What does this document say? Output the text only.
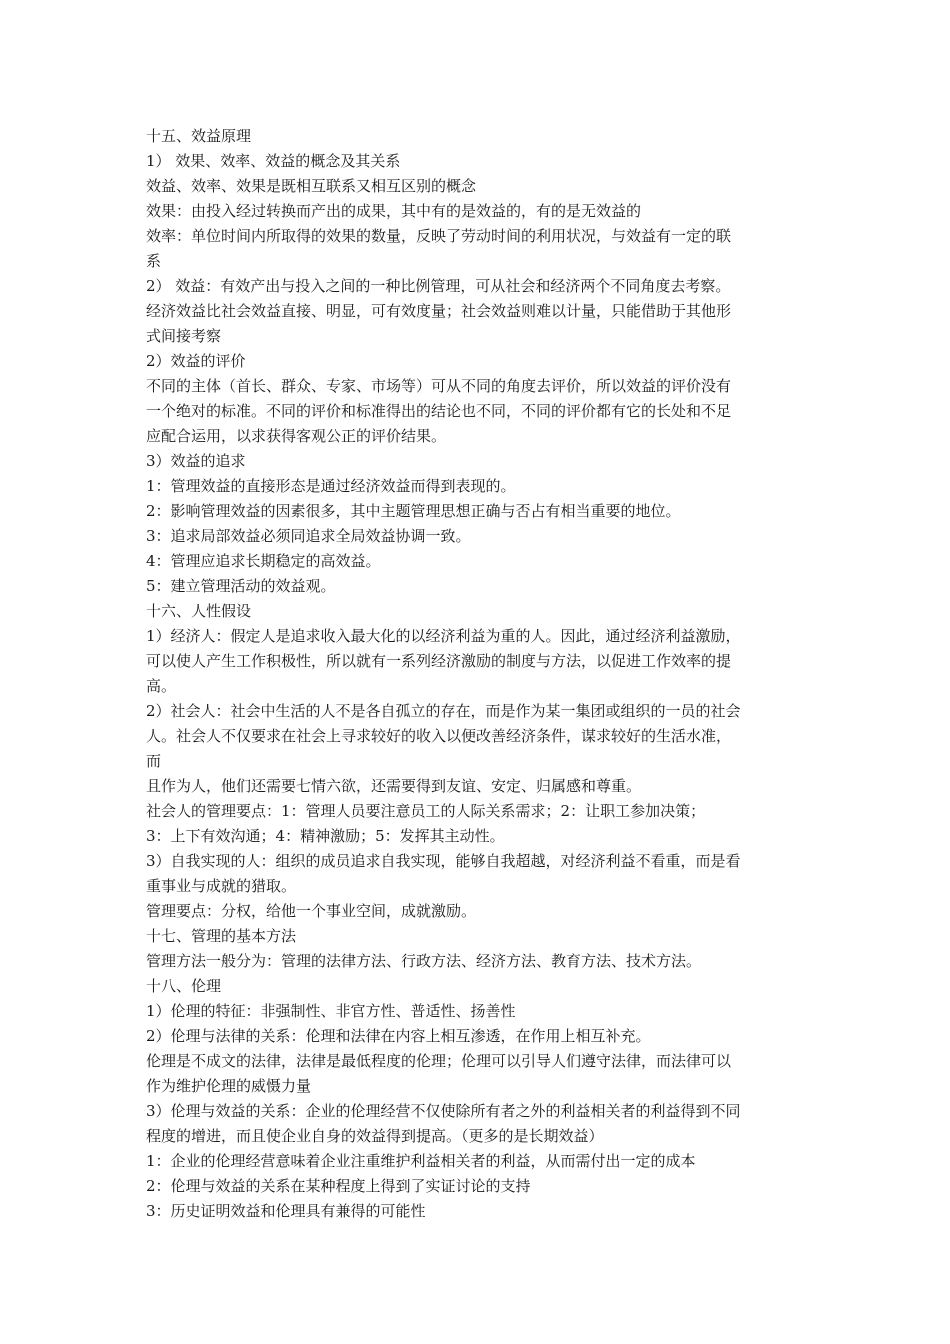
十五、效益原理
1） 效果、效率、效益的概念及其关系
效益、效率、效果是既相互联系又相互区别的概念
效果：由投入经过转换而产出的成果，其中有的是效益的，有的是无效益的
效率：单位时间内所取得的效果的数量，反映了劳动时间的利用状况，与效益有一定的联
系
2） 效益：有效产出与投入之间的一种比例管理，可从社会和经济两个不同角度去考察。
经济效益比社会效益直接、明显，可有效度量；社会效益则难以计量，只能借助于其他形
式间接考察
2）效益的评价
不同的主体（首长、群众、专家、市场等）可从不同的角度去评价，所以效益的评价没有
一个绝对的标准。不同的评价和标准得出的结论也不同，不同的评价都有它的长处和不足
应配合运用，以求获得客观公正的评价结果。
3）效益的追求
1：管理效益的直接形态是通过经济效益而得到表现的。
2：影响管理效益的因素很多，其中主题管理思想正确与否占有相当重要的地位。
3：追求局部效益必须同追求全局效益协调一致。
4：管理应追求长期稳定的高效益。
5：建立管理活动的效益观。
十六、人性假设
1）经济人：假定人是追求收入最大化的以经济利益为重的人。因此，通过经济利益激励，
可以使人产生工作积极性，所以就有一系列经济激励的制度与方法，以促进工作效率的提
高。
2）社会人：社会中生活的人不是各自孤立的存在，而是作为某一集团或组织的一员的社会
人。社会人不仅要求在社会上寻求较好的收入以便改善经济条件，谋求较好的生活水准，
而
且作为人，他们还需要七情六欲，还需要得到友谊、安定、归属感和尊重。
社会人的管理要点：1：管理人员要注意员工的人际关系需求；2：让职工参加决策；
3：上下有效沟通；4：精神激励；5：发挥其主动性。
3）自我实现的人：组织的成员追求自我实现，能够自我超越，对经济利益不看重，而是看
重事业与成就的猎取。
管理要点：分权，给他一个事业空间，成就激励。
十七、管理的基本方法
管理方法一般分为：管理的法律方法、行政方法、经济方法、教育方法、技术方法。
十八、伦理
1）伦理的特征：非强制性、非官方性、普适性、扬善性
2）伦理与法律的关系：伦理和法律在内容上相互渗透，在作用上相互补充。
伦理是不成文的法律，法律是最低程度的伦理；伦理可以引导人们遵守法律，而法律可以
作为维护伦理的威慑力量
3）伦理与效益的关系：企业的伦理经营不仅使除所有者之外的利益相关者的利益得到不同
程度的增进，而且使企业自身的效益得到提高。（更多的是长期效益）
1：企业的伦理经营意味着企业注重维护利益相关者的利益，从而需付出一定的成本
2：伦理与效益的关系在某种程度上得到了实证讨论的支持
3：历史证明效益和伦理具有兼得的可能性
